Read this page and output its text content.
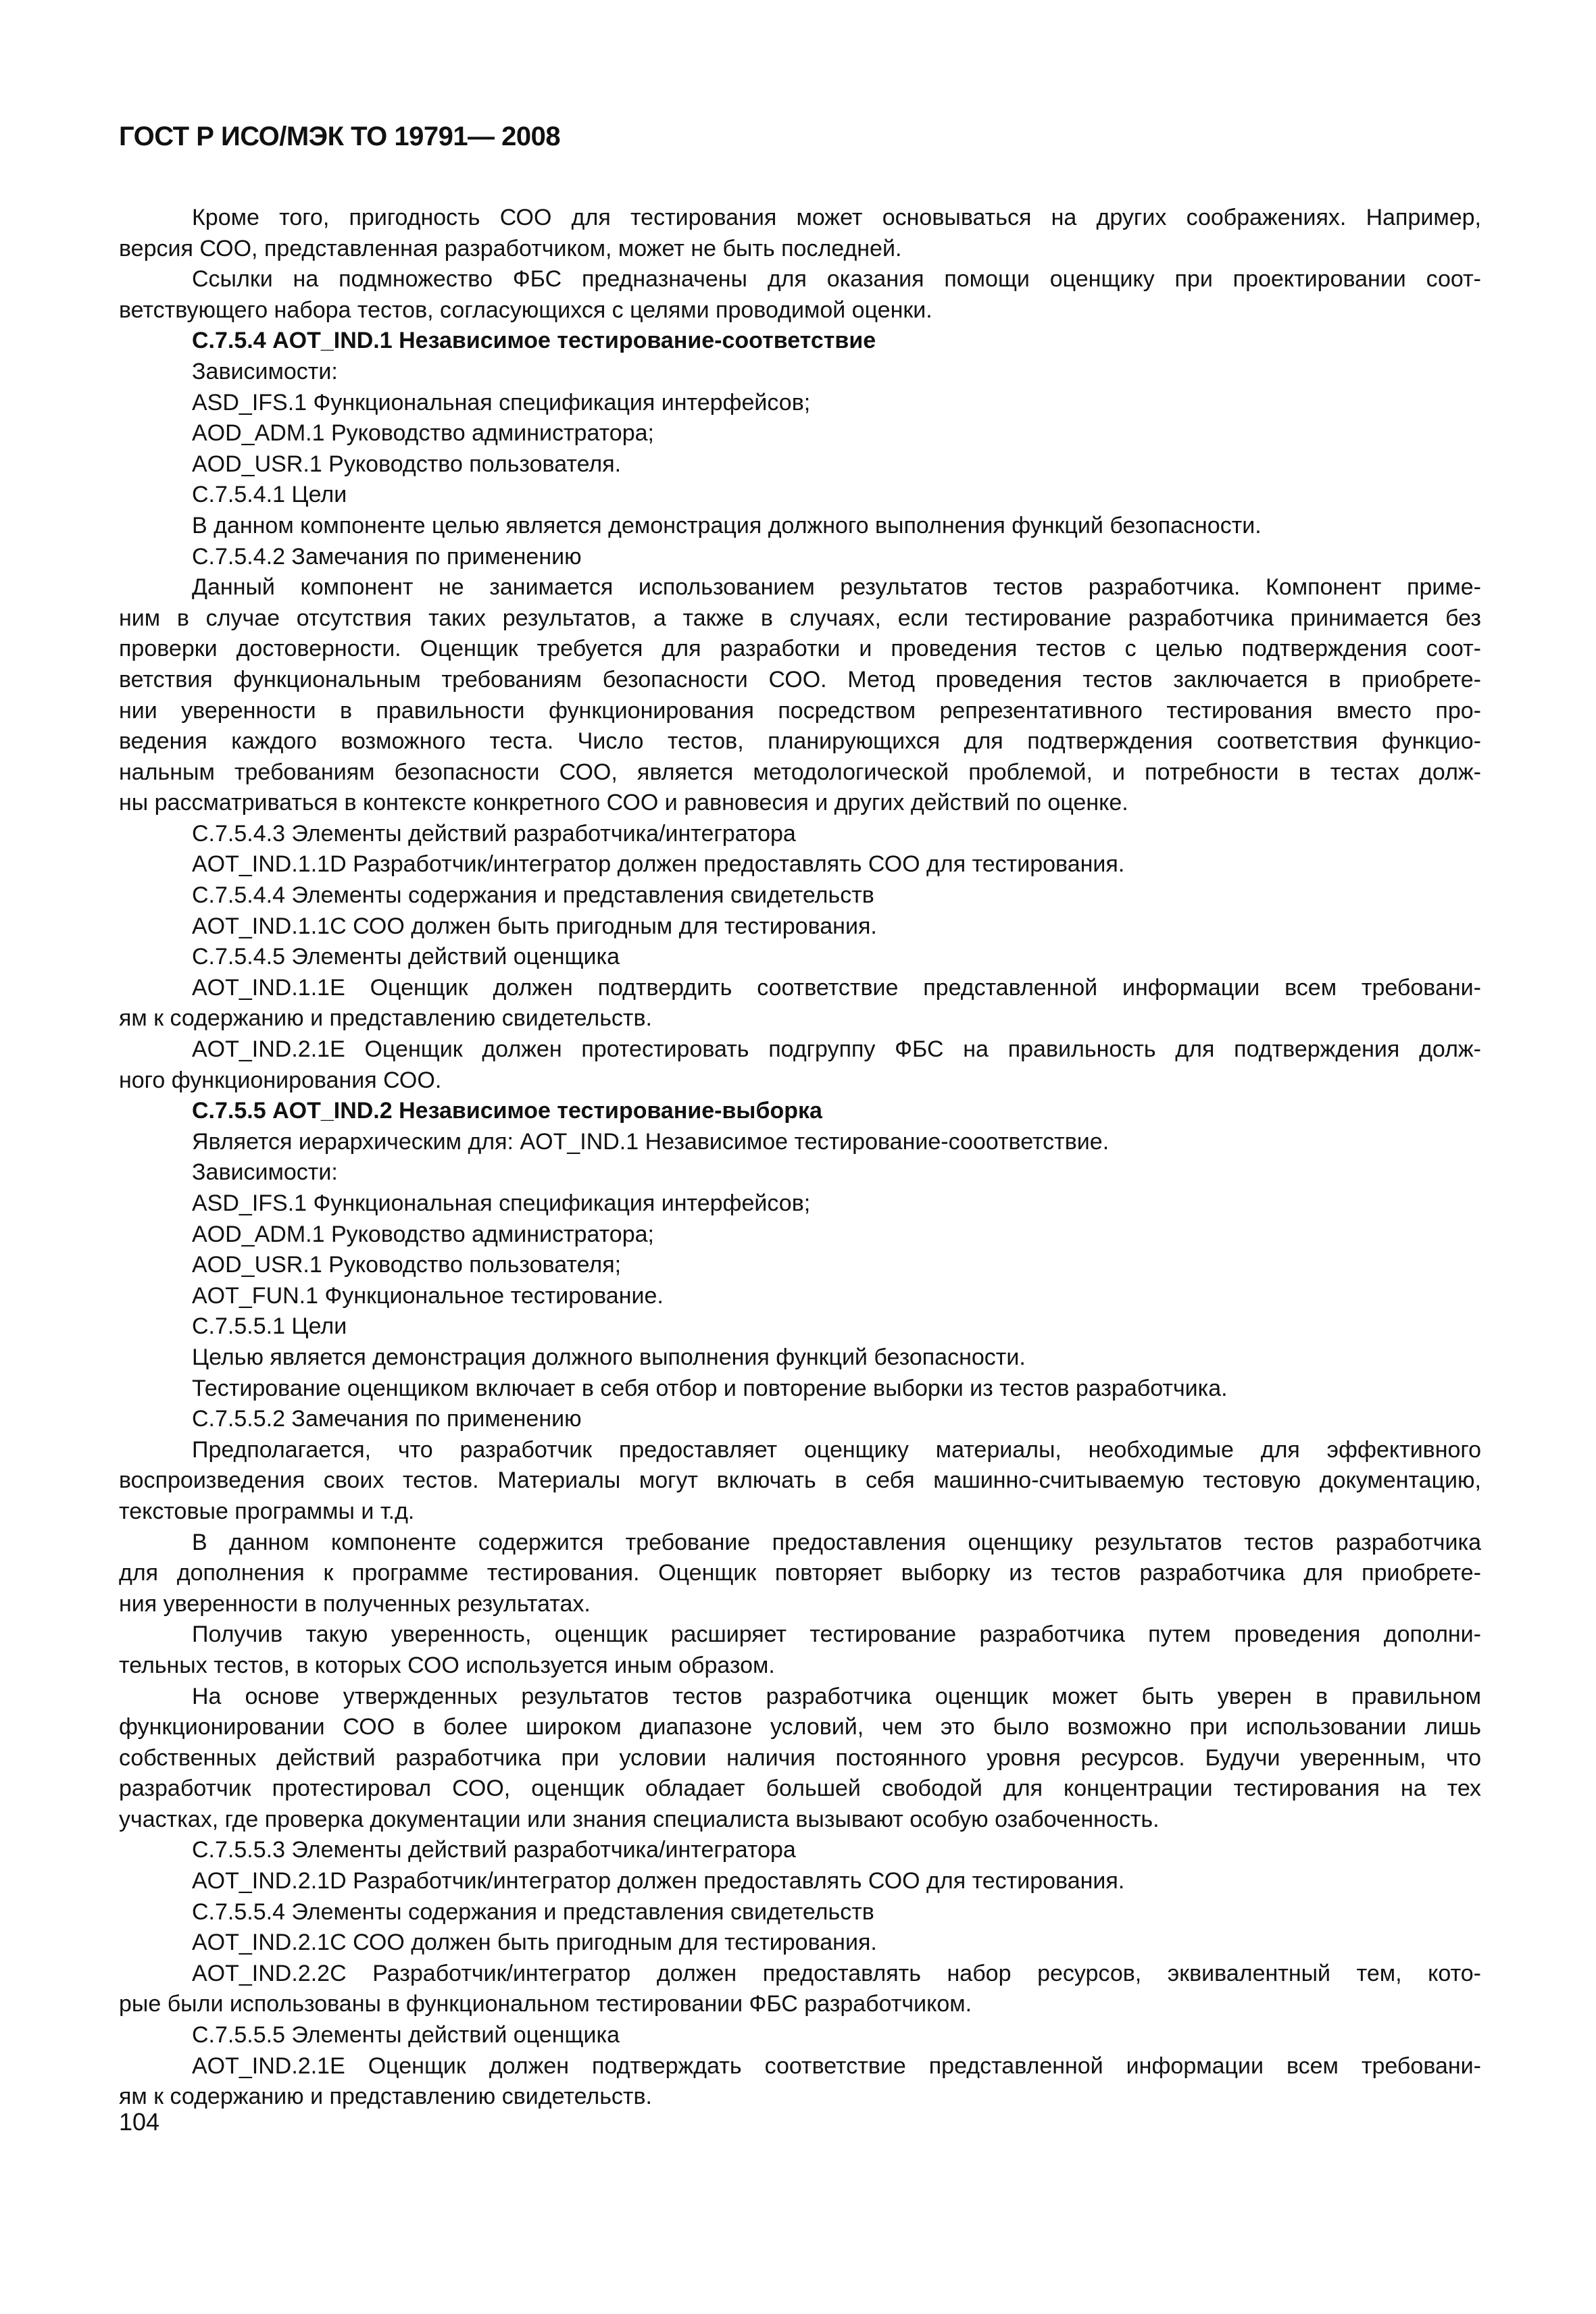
ГОСТ Р ИСО/МЭК ТО 19791— 2008
Кроме того, пригодность СОО для тестирования может основываться на других соображениях. Например,
версия СОО, представленная разработчиком, может не быть последней.
Ссылки на подмножество ФБС предназначены для оказания помощи оценщику при проектировании соот-
ветствующего набора тестов, согласующихся с целями проводимой оценки.
С.7.5.4 AOT_IND.1 Независимое тестирование-соответствие
Зависимости:
ASD_IFS.1 Функциональная спецификация интерфейсов;
AOD_ADM.1 Руководство администратора;
AOD_USR.1 Руководство пользователя.
С.7.5.4.1 Цели
В данном компоненте целью является демонстрация должного выполнения функций безопасности.
С.7.5.4.2 Замечания по применению
Данный компонент не занимается использованием результатов тестов разработчика. Компонент приме-
ним в случае отсутствия таких результатов, а также в случаях, если тестирование разработчика принимается без
проверки достоверности. Оценщик требуется для разработки и проведения тестов с целью подтверждения соот-
ветствия функциональным требованиям безопасности СОО. Метод проведения тестов заключается в приобрете-
нии уверенности в правильности функционирования посредством репрезентативного тестирования вместо про-
ведения каждого возможного теста. Число тестов, планирующихся для подтверждения соответствия функцио-
нальным требованиям безопасности СОО, является методологической проблемой, и потребности в тестах долж-
ны рассматриваться в контексте конкретного СОО и равновесия и других действий по оценке.
С.7.5.4.3 Элементы действий разработчика/интегратора
AOT_IND.1.1D Разработчик/интегратор должен предоставлять СОО для тестирования.
С.7.5.4.4 Элементы содержания и представления свидетельств
AOT_IND.1.1C СОО должен быть пригодным для тестирования.
С.7.5.4.5 Элементы действий оценщика
AOT_IND.1.1E Оценщик должен подтвердить соответствие представленной информации всем требовани-
ям к содержанию и представлению свидетельств.
AOT_IND.2.1E Оценщик должен протестировать подгруппу ФБС на правильность для подтверждения долж-
ного функционирования СОО.
С.7.5.5 AOT_IND.2 Независимое тестирование-выборка
Является иерархическим для: AOT_IND.1 Независимое тестирование-сооответствие.
Зависимости:
ASD_IFS.1 Функциональная спецификация интерфейсов;
AOD_ADM.1 Руководство администратора;
AOD_USR.1 Руководство пользователя;
AOT_FUN.1 Функциональное тестирование.
С.7.5.5.1 Цели
Целью является демонстрация должного выполнения функций безопасности.
Тестирование оценщиком включает в себя отбор и повторение выборки из тестов разработчика.
С.7.5.5.2 Замечания по применению
Предполагается, что разработчик предоставляет оценщику материалы, необходимые для эффективного
воспроизведения своих тестов. Материалы могут включать в себя машинно-считываемую тестовую документацию,
текстовые программы и т.д.
В данном компоненте содержится требование предоставления оценщику результатов тестов разработчика
для дополнения к программе тестирования. Оценщик повторяет выборку из тестов разработчика для приобрете-
ния уверенности в полученных результатах.
Получив такую уверенность, оценщик расширяет тестирование разработчика путем проведения дополни-
тельных тестов, в которых СОО используется иным образом.
На основе утвержденных результатов тестов разработчика оценщик может быть уверен в правильном
функционировании СОО в более широком диапазоне условий, чем это было возможно при использовании лишь
собственных действий разработчика при условии наличия постоянного уровня ресурсов. Будучи уверенным, что
разработчик протестировал СОО, оценщик обладает большей свободой для концентрации тестирования на тех
участках, где проверка документации или знания специалиста вызывают особую озабоченность.
С.7.5.5.3 Элементы действий разработчика/интегратора
AOT_IND.2.1D Разработчик/интегратор должен предоставлять СОО для тестирования.
С.7.5.5.4 Элементы содержания и представления свидетельств
AOT_IND.2.1C СОО должен быть пригодным для тестирования.
AOT_IND.2.2C Разработчик/интегратор должен предоставлять набор ресурсов, эквивалентный тем, кото-
рые были использованы в функциональном тестировании ФБС разработчиком.
С.7.5.5.5 Элементы действий оценщика
AOT_IND.2.1E Оценщик должен подтверждать соответствие представленной информации всем требовани-
ям к содержанию и представлению свидетельств.
104
